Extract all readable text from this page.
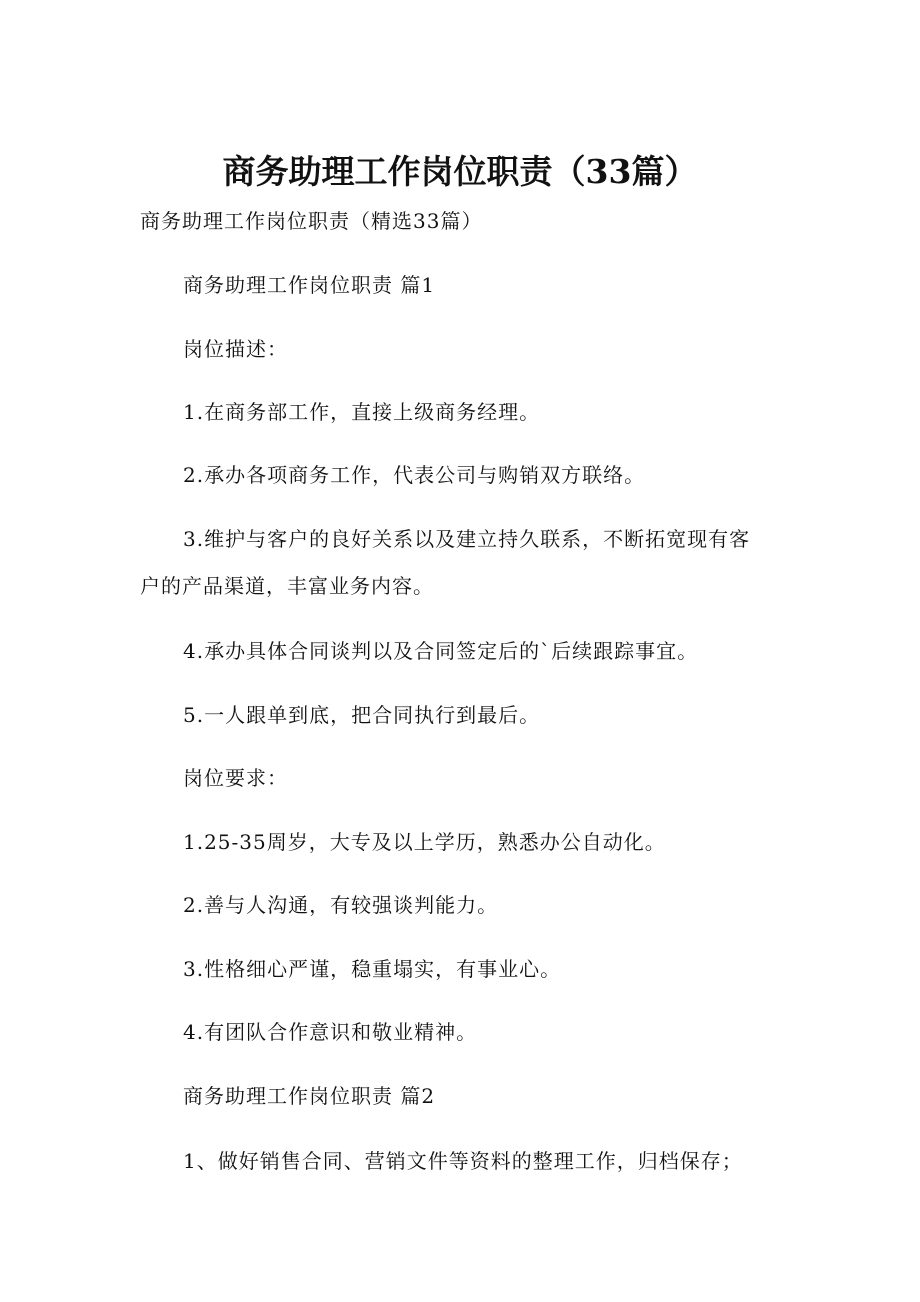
商务助理工作岗位职责（33篇）
商务助理工作岗位职责（精选33篇）
商务助理工作岗位职责 篇1
岗位描述：
1.在商务部工作，直接上级商务经理。
2.承办各项商务工作，代表公司与购销双方联络。
3.维护与客户的良好关系以及建立持久联系，不断拓宽现有客
户的产品渠道，丰富业务内容。
4.承办具体合同谈判以及合同签定后的`后续跟踪事宜。
5.一人跟单到底，把合同执行到最后。
岗位要求：
1.25-35周岁，大专及以上学历，熟悉办公自动化。
2.善与人沟通，有较强谈判能力。
3.性格细心严谨，稳重塌实，有事业心。
4.有团队合作意识和敬业精神。
商务助理工作岗位职责 篇2
1、做好销售合同、营销文件等资料的整理工作，归档保存；
